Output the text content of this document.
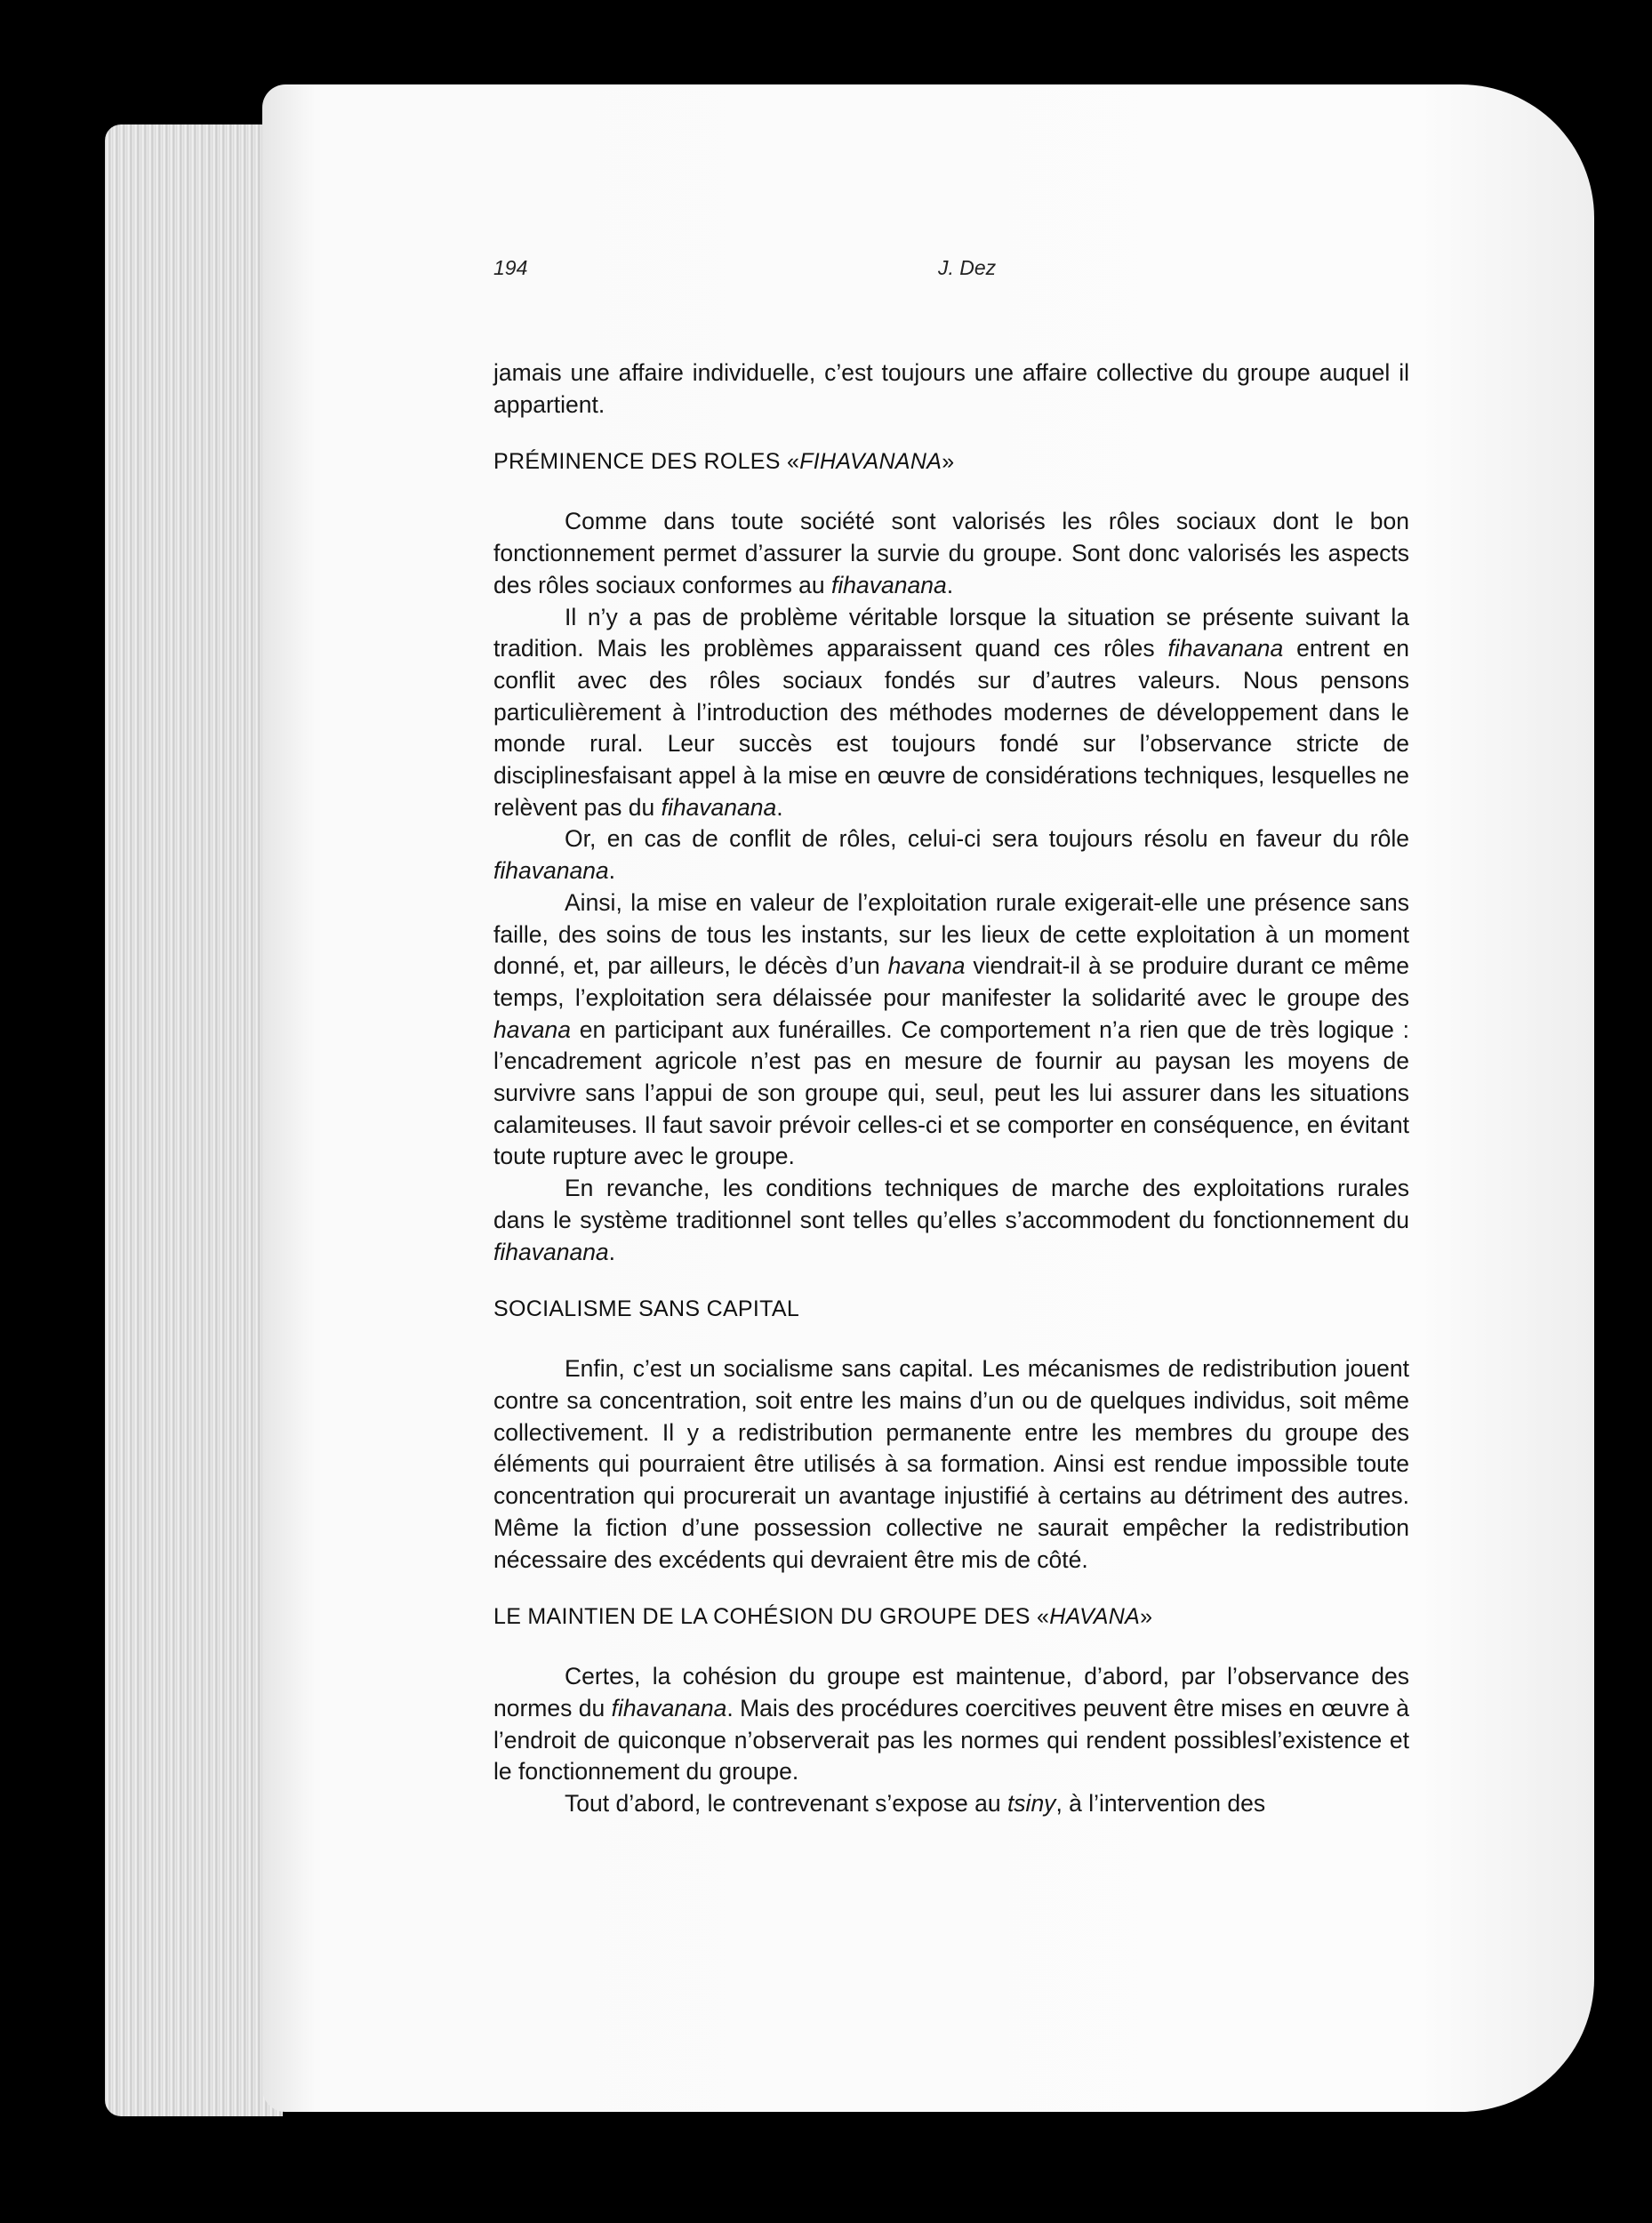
194	J. Dez

jamais une affaire individuelle, c’est toujours une affaire collective du groupe auquel il appartient.

PRÉMINENCE DES ROLES «FIHAVANANA»

Comme dans toute société sont valorisés les rôles sociaux dont le bon fonctionnement permet d’assurer la survie du groupe. Sont donc valorisés les aspects des rôles sociaux conformes au fihavanana.

Il n’y a pas de problème véritable lorsque la situation se présente suivant la tradition. Mais les problèmes apparaissent quand ces rôles fihavanana entrent en conflit avec des rôles sociaux fondés sur d’autres valeurs. Nous pensons particulièrement à l’introduction des méthodes modernes de développement dans le monde rural. Leur succès est toujours fondé sur l’observance stricte de disciplinesfaisant appel à la mise en œuvre de considérations techniques, lesquelles ne relèvent pas du fihavanana.

Or, en cas de conflit de rôles, celui-ci sera toujours résolu en faveur du rôle fihavanana.

Ainsi, la mise en valeur de l’exploitation rurale exigerait-elle une présence sans faille, des soins de tous les instants, sur les lieux de cette exploitation à un moment donné, et, par ailleurs, le décès d’un havana viendrait-il à se produire durant ce même temps, l’exploitation sera délaissée pour manifester la solidarité avec le groupe des havana en participant aux funérailles. Ce comportement n’a rien que de très logique : l’encadrement agricole n’est pas en mesure de fournir au paysan les moyens de survivre sans l’appui de son groupe qui, seul, peut les lui assurer dans les situations calamiteuses. Il faut savoir prévoir celles-ci et se comporter en conséquence, en évitant toute rupture avec le groupe.

En revanche, les conditions techniques de marche des exploitations rurales dans le système traditionnel sont telles qu’elles s’accommodent du fonctionnement du fihavanana.

SOCIALISME SANS CAPITAL

Enfin, c’est un socialisme sans capital. Les mécanismes de redistribution jouent contre sa concentration, soit entre les mains d’un ou de quelques individus, soit même collectivement. Il y a redistribution permanente entre les membres du groupe des éléments qui pourraient être utilisés à sa formation. Ainsi est rendue impossible toute concentration qui procurerait un avantage injustifié à certains au détriment des autres. Même la fiction d’une possession collective ne saurait empêcher la redistribution nécessaire des excédents qui devraient être mis de côté.

LE MAINTIEN DE LA COHÉSION DU GROUPE DES «HAVANA»

Certes, la cohésion du groupe est maintenue, d’abord, par l’observance des normes du fihavanana. Mais des procédures coercitives peuvent être mises en œuvre à l’endroit de quiconque n’observerait pas les normes qui rendent possiblesl’existence et le fonctionnement du groupe.

Tout d’abord, le contrevenant s’expose au tsiny, à l’intervention des
